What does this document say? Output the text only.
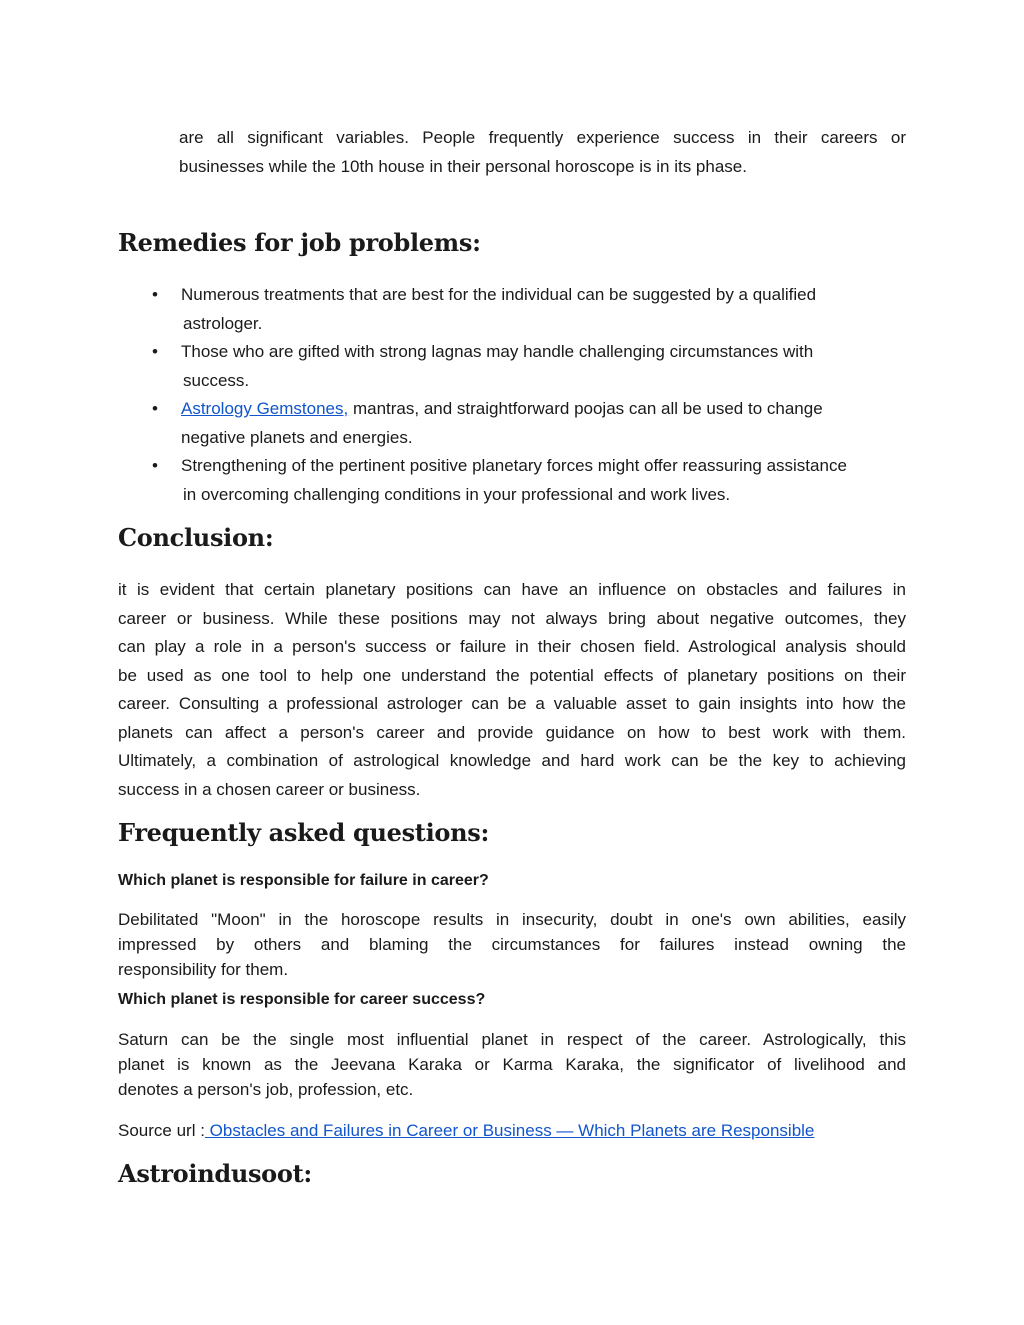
are all significant variables. People frequently experience success in their careers or
businesses while the 10th house in their personal horoscope is in its phase.
Remedies for job problems:
• Numerous treatments that are best for the individual can be suggested by a qualified
astrologer.
• Those who are gifted with strong lagnas may handle challenging circumstances with
success.
• Astrology Gemstones, mantras, and straightforward poojas can all be used to change
negative planets and energies.
• Strengthening of the pertinent positive planetary forces might offer reassuring assistance
in overcoming challenging conditions in your professional and work lives.
Conclusion:
it is evident that certain planetary positions can have an influence on obstacles and failures in
career or business. While these positions may not always bring about negative outcomes, they
can play a role in a person's success or failure in their chosen field. Astrological analysis should
be used as one tool to help one understand the potential effects of planetary positions on their
career. Consulting a professional astrologer can be a valuable asset to gain insights into how the
planets can affect a person's career and provide guidance on how to best work with them.
Ultimately, a combination of astrological knowledge and hard work can be the key to achieving
success in a chosen career or business.
Frequently asked questions:
Which planet is responsible for failure in career?
Debilitated "Moon" in the horoscope results in insecurity, doubt in one's own abilities, easily
impressed by others and blaming the circumstances for failures instead owning the
responsibility for them.
Which planet is responsible for career success?
Saturn can be the single most influential planet in respect of the career. Astrologically, this
planet is known as the Jeevana Karaka or Karma Karaka, the significator of livelihood and
denotes a person's job, profession, etc.
Source url : Obstacles and Failures in Career or Business — Which Planets are Responsible
Astroindusoot:
